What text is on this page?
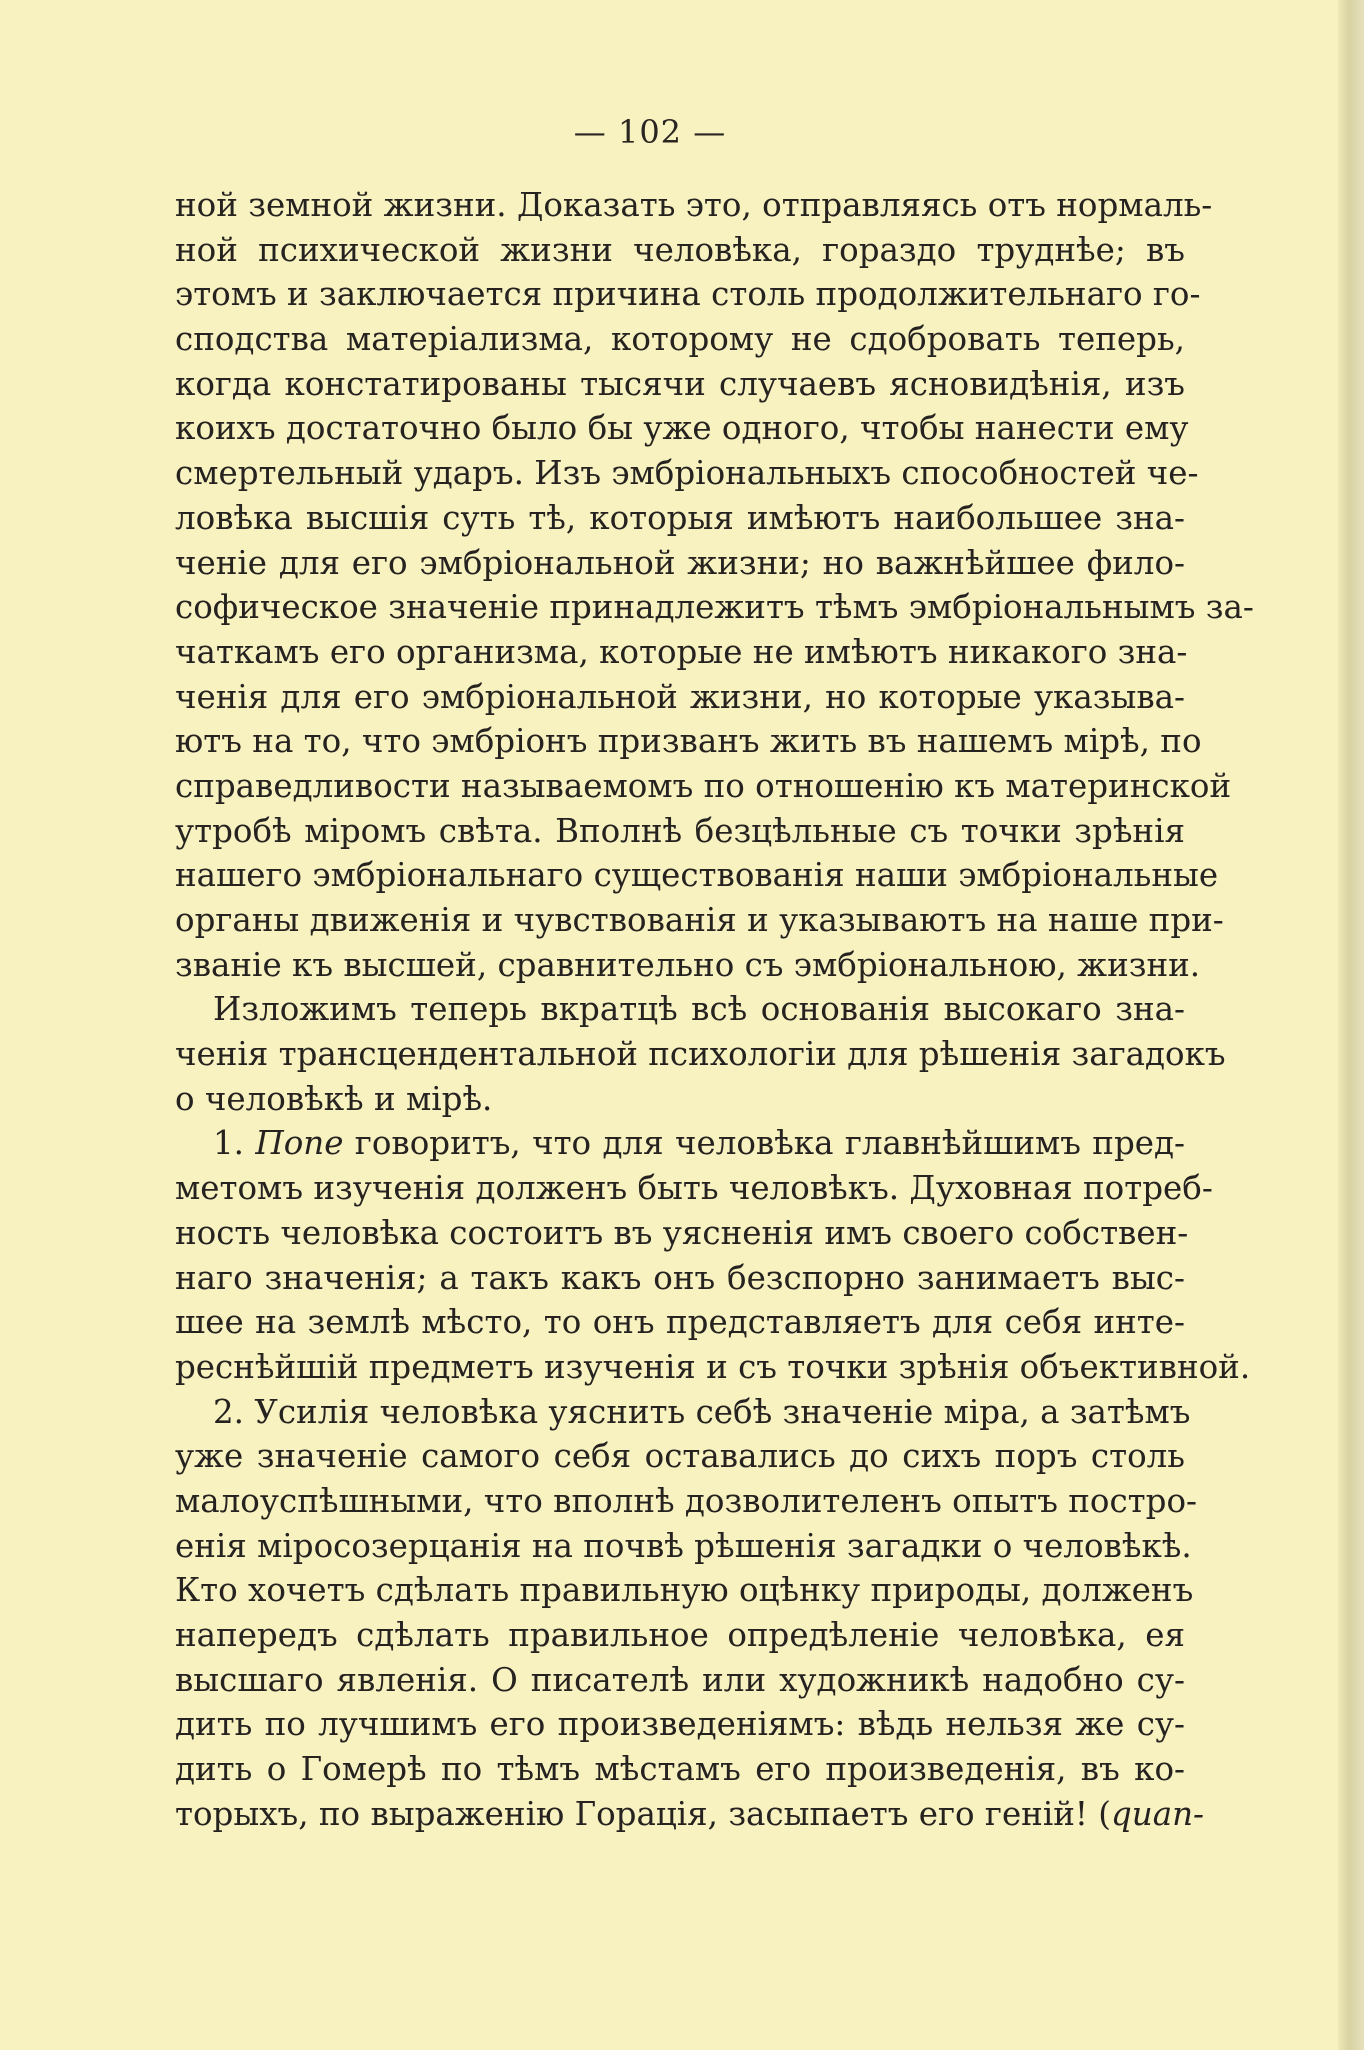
— 102 —
ной земной жизни. Доказать это, отправляясь отъ нормаль-
ной психической жизни человѣка, гораздо труднѣе; въ
этомъ и заключается причина столь продолжительнаго го-
сподства матеріализма, которому не сдобровать теперь,
когда констатированы тысячи случаевъ ясновидѣнія, изъ
коихъ достаточно было бы уже одного, чтобы нанести ему
смертельный ударъ. Изъ эмбріональныхъ способностей че-
ловѣка высшія суть тѣ, которыя имѣютъ наибольшее зна-
ченіе для его эмбріональной жизни; но важнѣйшее фило-
софическое значеніе принадлежитъ тѣмъ эмбріональнымъ за-
чаткамъ его организма, которые не имѣютъ никакого зна-
ченія для его эмбріональной жизни, но которые указыва-
ютъ на то, что эмбріонъ призванъ жить въ нашемъ мірѣ, по
справедливости называемомъ по отношенію къ материнской
утробѣ міромъ свѣта. Вполнѣ безцѣльные съ точки зрѣнія
нашего эмбріональнаго существованія наши эмбріональные
органы движенія и чувствованія и указываютъ на наше при-
званіе къ высшей, сравнительно съ эмбріональною, жизни.
Изложимъ теперь вкратцѣ всѣ основанія высокаго зна-
ченія трансцендентальной психологіи для рѣшенія загадокъ
о человѣкѣ и мірѣ.
1. Попе говоритъ, что для человѣка главнѣйшимъ пред-
метомъ изученія долженъ быть человѣкъ. Духовная потреб-
ность человѣка состоитъ въ уясненія имъ своего собствен-
наго значенія; а такъ какъ онъ безспорно занимаетъ выс-
шее на землѣ мѣсто, то онъ представляетъ для себя инте-
реснѣйшій предметъ изученія и съ точки зрѣнія объективной.
2. Усилія человѣка уяснить себѣ значеніе міра, а затѣмъ
уже значеніе самого себя оставались до сихъ поръ столь
малоуспѣшными, что вполнѣ дозволителенъ опытъ постро-
енія міросозерцанія на почвѣ рѣшенія загадки о человѣкѣ.
Кто хочетъ сдѣлать правильную оцѣнку природы, долженъ
напередъ сдѣлать правильное опредѣленіе человѣка, ея
высшаго явленія. О писателѣ или художникѣ надобно су-
дить по лучшимъ его произведеніямъ: вѣдь нельзя же су-
дить о Гомерѣ по тѣмъ мѣстамъ его произведенія, въ ко-
торыхъ, по выраженію Горація, засыпаетъ его геній! (quan-
